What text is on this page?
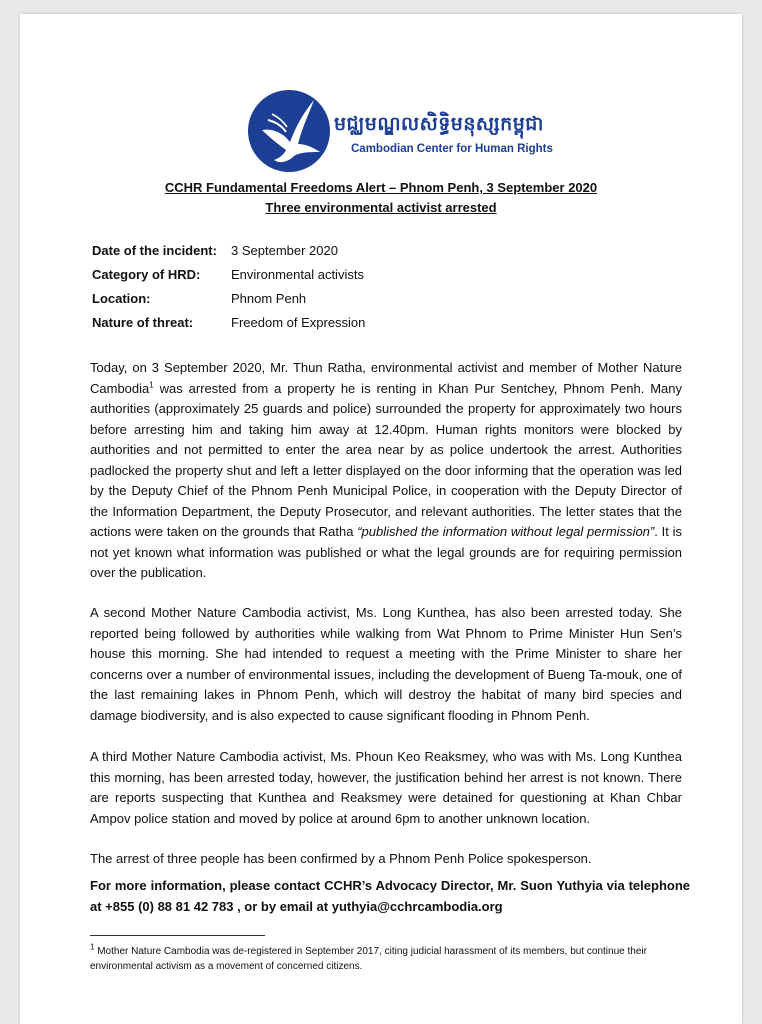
មជ្ឈមណ្ឌលសិទ្ធិមនុស្សកម្ពុជា
Cambodian Center for Human Rights
CCHR Fundamental Freedoms Alert – Phnom Penh, 3 September 2020
Three environmental activist arrested
Date of the incident: 3 September 2020
Category of HRD: Environmental activists
Location:	Phnom Penh
Nature of threat:	Freedom of Expression
Today, on 3 September 2020, Mr. Thun Ratha, environmental activist and member of Mother Nature Cambodia$^1$ was arrested from a property he is renting in Khan Pur Sentchey, Phnom Penh. Many authorities (approximately 25 guards and police) surrounded the property for approximately two hours before arresting him and taking him away at 12.40pm. Human rights monitors were blocked by authorities and not permitted to enter the area near by as police undertook the arrest. Authorities padlocked the property shut and left a letter displayed on the door informing that the operation was led by the Deputy Chief of the Phnom Penh Municipal Police, in cooperation with the Deputy Director of the Information Department, the Deputy Prosecutor, and relevant authorities. The letter states that the actions were taken on the grounds that Ratha “published the information without legal permission”. It is not yet known what information was published or what the legal grounds are for requiring permission over the publication.
A second Mother Nature Cambodia activist, Ms. Long Kunthea, has also been arrested today. She reported being followed by authorities while walking from Wat Phnom to Prime Minister Hun Sen’s house this morning. She had intended to request a meeting with the Prime Minister to share her concerns over a number of environmental issues, including the development of Bueng Ta-mouk, one of the last remaining lakes in Phnom Penh, which will destroy the habitat of many bird species and damage biodiversity, and is also expected to cause significant flooding in Phnom Penh.
A third Mother Nature Cambodia activist, Ms. Phoun Keo Reaksmey, who was with Ms. Long Kunthea this morning, has been arrested today, however, the justification behind her arrest is not known. There are reports suspecting that Kunthea and Reaksmey were detained for questioning at Khan Chbar Ampov police station and moved by police at around 6pm to another unknown location.
The arrest of three people has been confirmed by a Phnom Penh Police spokesperson.
For more information, please contact CCHR’s Advocacy Director, Mr. Suon Yuthyia via telephone at +855 (0) 88 81 42 783 , or by email at yuthyia@cchrcambodia.org
$^1$ Mother Nature Cambodia was de-registered in September 2017, citing judicial harassment of its members, but continue their environmental activism as a movement of concerned citizens.
